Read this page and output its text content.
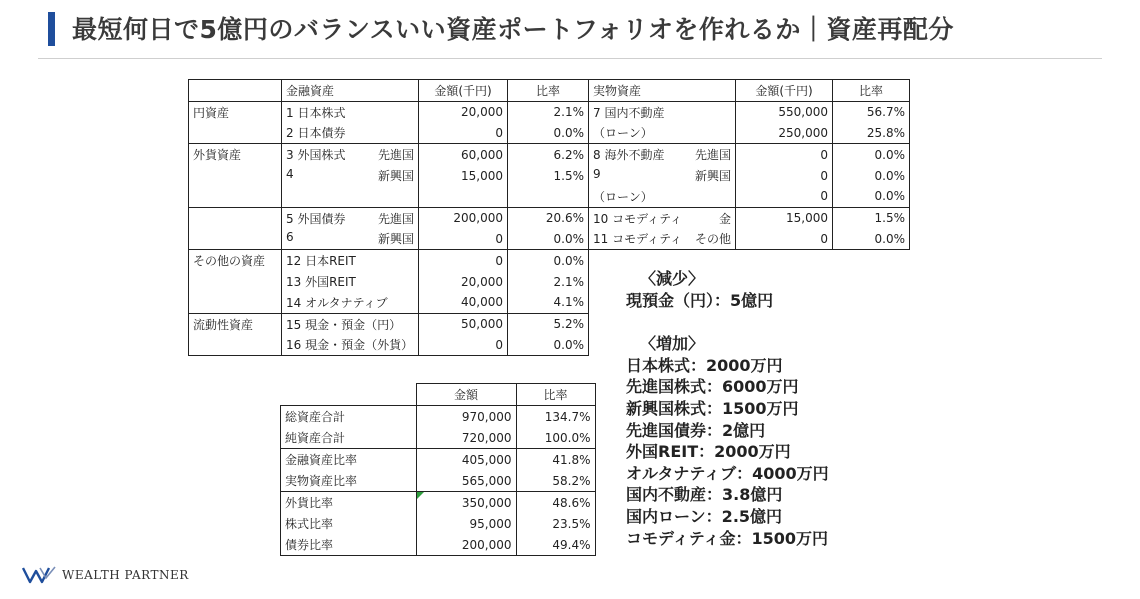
最短何日で5億円のバランスいい資産ポートフォリオを作れるか｜資産再配分
	金融資産	金額(千円)	比率	実物資産	金額(千円)	比率
円資産	1 日本株式	20,000	2.1%	7 国内不動産	550,000	56.7%

	2 日本債券	0	0.0%	（ローン）	250,000	25.8%
外貨資産	3 外国株式 先進国	60,000	6.2%	8 海外不動産 先進国	0	0.0%

	4 新興国	15,000	1.5%	9 新興国	0	0.0%

				（ローン）	0	0.0%

	5 外国債券 先進国	200,000	20.6%	10 コモディティ 金	15,000	1.5%

	6 新興国	0	0.0%	11 コモディティ その他	0	0.0%
その他の資産	12 日本REIT	0	0.0%			
	13 外国REIT	20,000	2.1%			
	14 オルタナティブ	40,000	4.1%			
流動性資産	15 現金・預金（円）	50,000	5.2%			
	16 現金・預金（外貨）	0	0.0%			
	金額	比率
総資産合計	970,000	134.7%
純資産合計	720,000	100.0%
金融資産比率	405,000	41.8%
実物資産比率	565,000	58.2%
外貨比率	350,000	48.6%
株式比率	95,000	23.5%
債券比率	200,000	49.4%
〈減少〉
現預金（円）：5億円
〈増加〉
日本株式：2000万円
先進国株式：6000万円
新興国株式：1500万円
先進国債券：2億円
外国REIT：2000万円
オルタナティブ：4000万円
国内不動産：3.8億円
国内ローン：2.5億円
コモディティ金：1500万円
WEALTH PARTNER
